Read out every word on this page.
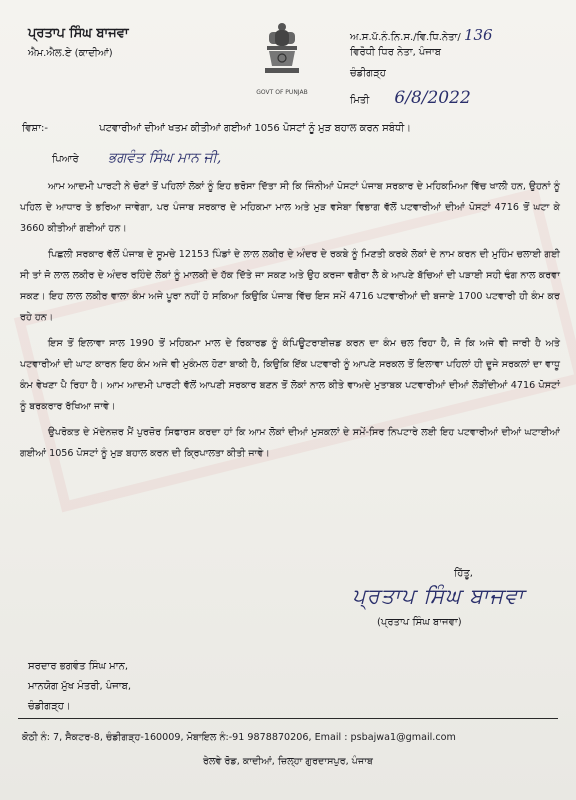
ਪ੍ਰਤਾਪ ਸਿੰਘ ਬਾਜਵਾ
ਐਮ.ਐਲ.ਏ (ਕਾਦੀਆਂ)
GOVT OF PUNJAB
ਅ.ਸ.ਪੱ.ਨੰ.ਨਿ.ਸ./ਵਿ.ਧਿ.ਨੇਤਾ/ 136
ਵਿਰੋਧੀ ਧਿਰ ਨੇਤਾ, ਪੰਜਾਬ
ਚੰਡੀਗੜ੍ਹ
ਮਿਤੀ 6/8/2022
ਵਿਸ਼ਾ:-	ਪਟਵਾਰੀਆਂ ਦੀਆਂ ਖਤਮ ਕੀਤੀਆਂ ਗਈਆਂ 1056 ਪੋਸਟਾਂ ਨੂੰ ਮੁੜ ਬਹਾਲ ਕਰਨ ਸਬੰਧੀ।
ਪਿਆਰੇ ਭਗਵੰਤ ਸਿੰਘ ਮਾਨ ਜੀ,

ਆਮ ਆਦਮੀ ਪਾਰਟੀ ਨੇ ਚੋਣਾਂ ਤੋਂ ਪਹਿਲਾਂ ਲੋਕਾਂ ਨੂੰ ਇਹ ਭਰੋਸਾ ਦਿੱਤਾ ਸੀ ਕਿ ਜਿੰਨੀਆਂ ਪੋਸਟਾਂ ਪੰਜਾਬ ਸਰਕਾਰ ਦੇ ਮਹਿਕਮਿਆ ਵਿੱਚ ਖਾਲੀ ਹਨ, ਉਹਨਾਂ ਨੂੰ ਪਹਿਲ ਦੇ ਆਧਾਰ ਤੇ ਭਰਿਆ ਜਾਵੇਗਾ, ਪਰ ਪੰਜਾਬ ਸਰਕਾਰ ਦੇ ਮਹਿਕਮਾ ਮਾਲ ਅਤੇ ਮੁੜ ਵਸੇਬਾ ਵਿਭਾਗ ਵੱਲੋਂ ਪਟਵਾਰੀਆਂ ਦੀਆਂ ਪੋਸਟਾਂ 4716 ਤੋਂ ਘਟਾ ਕੇ 3660 ਕੀਤੀਆਂ ਗਈਆਂ ਹਨ।

ਪਿਛਲੀ ਸਰਕਾਰ ਵੱਲੋਂ ਪੰਜਾਬ ਦੇ ਸੂਮਚੇ 12153 ਪਿੰਡਾਂ ਦੇ ਲਾਲ ਲਕੀਰ ਦੇ ਅੰਦਰ ਦੇ ਰਕਬੇ ਨੂੰ ਮਿਣਤੀ ਕਰਕੇ ਲੋਕਾਂ ਦੇ ਨਾਮ ਕਰਨ ਦੀ ਮੁਹਿੰਮ ਚਲਾਈ ਗਈ ਸੀ ਤਾਂ ਜੋ ਲਾਲ ਲਕੀਰ ਦੇ ਅੰਦਰ ਰਹਿੰਦੇ ਲੋਕਾਂ ਨੂੰ ਮਾਲਕੀ ਦੇ ਹੱਕ ਦਿੱਤੇ ਜਾ ਸਕਣ ਅਤੇ ਉਹ ਕਰਜਾ ਵਗੈਰਾ ਲੈ ਕੇ ਆਪਣੇ ਬੱਚਿਆਂ ਦੀ ਪੜਾਈ ਸਹੀ ਢੰਗ ਨਾਲ ਕਰਵਾ ਸਕਣ। ਇਹ ਲਾਲ ਲਕੀਰ ਵਾਲਾ ਕੰਮ ਅਜੇ ਪੂਰਾ ਨਹੀਂ ਹੋ ਸਕਿਆ ਕਿਉਕਿ ਪੰਜਾਬ ਵਿੱਚ ਇਸ ਸਮੇਂ 4716 ਪਟਵਾਰੀਆਂ ਦੀ ਬਜਾਏ 1700 ਪਟਵਾਰੀ ਹੀ ਕੰਮ ਕਰ ਰਹੇ ਹਨ।

ਇਸ ਤੋਂ ਇਲਾਵਾ ਸਾਲ 1990 ਤੋਂ ਮਹਿਕਮਾ ਮਾਲ ਦੇ ਰਿਕਾਰਡ ਨੂੰ ਕੰਪਿਊਟਰਾਈਜ਼ਡ ਕਰਨ ਦਾ ਕੰਮ ਚਲ ਰਿਹਾ ਹੈ, ਜੋ ਕਿ ਅਜੇ ਵੀ ਜਾਰੀ ਹੈ ਅਤੇ ਪਟਵਾਰੀਆਂ ਦੀ ਘਾਟ ਕਾਰਨ ਇਹ ਕੰਮ ਅਜੇ ਵੀ ਮੁਕੰਮਲ ਹੋਣਾ ਬਾਕੀ ਹੈ, ਕਿਉਕਿ ਇੱਕ ਪਟਵਾਰੀ ਨੂੰ ਆਪਣੇ ਸਰਕਲ ਤੋਂ ਇਲਾਵਾ ਪਹਿਲਾਂ ਹੀ ਦੂਜੇ ਸਰਕਲਾਂ ਦਾ ਵਾਧੂ ਕੰਮ ਵੇਖਣਾ ਪੈ ਰਿਹਾ ਹੈ। ਆਮ ਆਦਮੀ ਪਾਰਟੀ ਵੱਲੋਂ ਆਪਣੀ ਸਰਕਾਰ ਬਣਨ ਤੋਂ ਲੋਕਾਂ ਨਾਲ ਕੀਤੇ ਵਾਅਦੇ ਮੁਤਾਬਕ ਪਟਵਾਰੀਆਂ ਦੀਆਂ ਲੋੜੀਂਦੀਆਂ 4716 ਪੋਸਟਾਂ ਨੂੰ ਬਰਕਰਾਰ ਰੱਖਿਆ ਜਾਵੇ।

ਉਪਰੋਕਤ ਦੇ ਮੱਦੇਨਜ਼ਰ ਮੈਂ ਪੁਰਜ਼ੋਰ ਸਿਫਾਰਸ ਕਰਦਾ ਹਾਂ ਕਿ ਆਮ ਲੋਕਾਂ ਦੀਆਂ ਮੁਸਕਲਾਂ ਦੇ ਸਮੇਂ-ਸਿਰ ਨਿਪਟਾਰੇ ਲਈ ਇਹ ਪਟਵਾਰੀਆਂ ਦੀਆਂ ਘਟਾਈਆਂ ਗਈਆਂ 1056 ਪੋਸਟਾਂ ਨੂੰ ਮੁੜ ਬਹਾਲ ਕਰਨ ਦੀ ਕ੍ਰਿਪਾਲਤਾ ਕੀਤੀ ਜਾਵੇ।

ਹਿੱਤੂ,
ਪ੍ਰਤਾਪ ਸਿੰਘ ਬਾਜਵਾ
(ਪ੍ਰਤਾਪ ਸਿੰਘ ਬਾਜਵਾ)
ਸਰਦਾਰ ਭਗਵੰਤ ਸਿੰਘ ਮਾਨ,
ਮਾਨਯੋਗ ਮੁੱਖ ਮੰਤਰੀ, ਪੰਜਾਬ,
ਚੰਡੀਗੜ੍ਹ।
ਕੋਠੀ ਨੰ: 7, ਸੈਕਟਰ-8, ਚੰਡੀਗੜ੍ਹ-160009, ਮੋਬਾਇਲ ਨੰ:-91 9878870206, Email : psbajwa1@gmail.com
ਰੇਲਵੇ ਰੋਡ, ਕਾਦੀਆਂ, ਜ਼ਿਲ੍ਹਾ ਗੁਰਦਾਸਪੁਰ, ਪੰਜਾਬ
